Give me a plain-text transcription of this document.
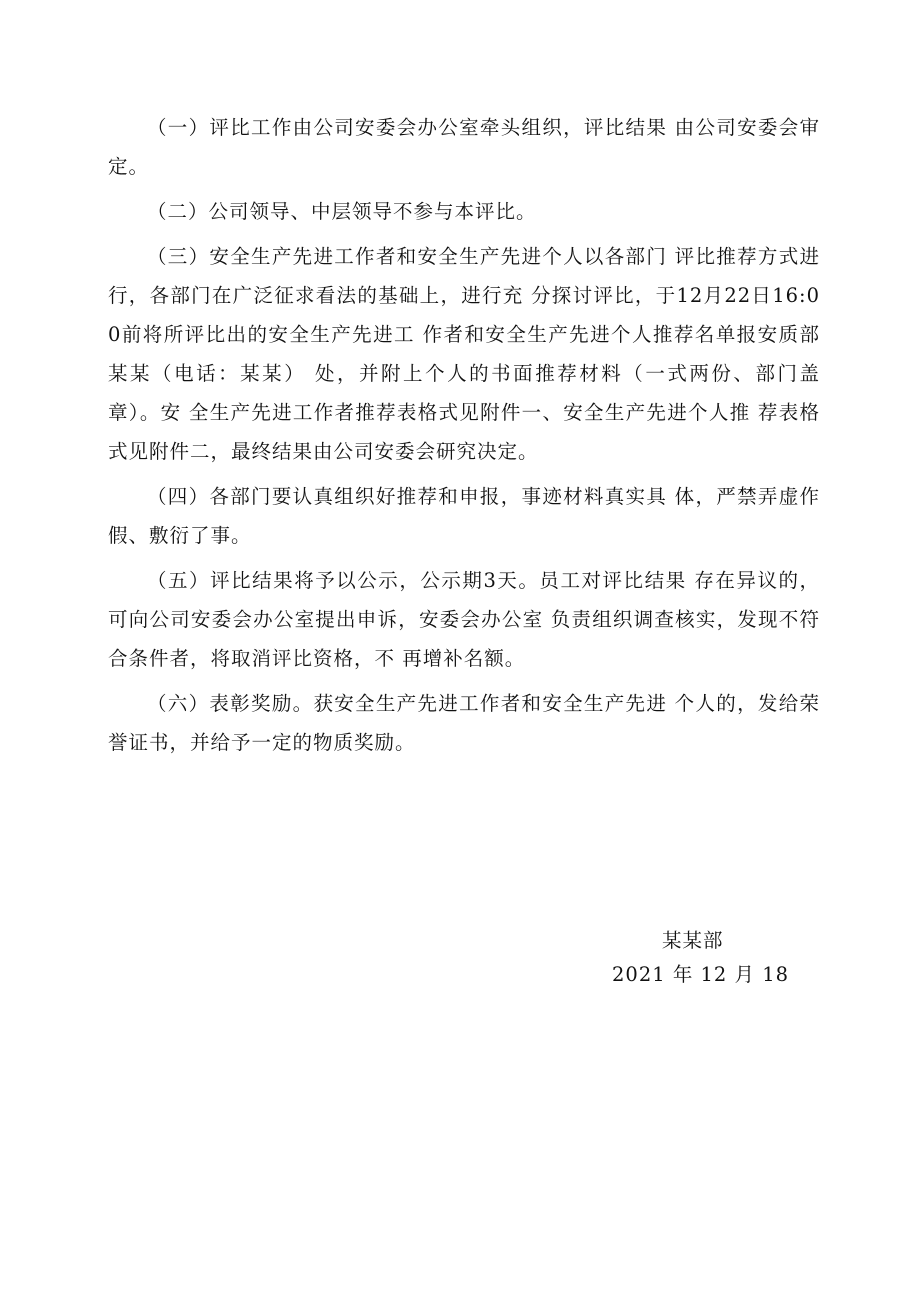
（一）评比工作由公司安委会办公室牵头组织，评比结果 由公司安委会审定。

（二）公司领导、中层领导不参与本评比。

（三）安全生产先进工作者和安全生产先进个人以各部门 评比推荐方式进行，各部门在广泛征求看法的基础上，进行充 分探讨评比，于12月22日16:00前将所评比出的安全生产先进工 作者和安全生产先进个人推荐名单报安质部某某（电话：某某） 处，并附上个人的书面推荐材料（一式两份、部门盖章）。安 全生产先进工作者推荐表格式见附件一、安全生产先进个人推 荐表格式见附件二，最终结果由公司安委会研究决定。

（四）各部门要认真组织好推荐和申报，事迹材料真实具 体，严禁弄虚作假、敷衍了事。

（五）评比结果将予以公示，公示期3天。员工对评比结果 存在异议的，可向公司安委会办公室提出申诉，安委会办公室 负责组织调查核实，发现不符合条件者，将取消评比资格，不 再增补名额。

（六）表彰奖励。获安全生产先进工作者和安全生产先进 个人的，发给荣誉证书，并给予一定的物质奖励。

某某部
2021 年 12 月 18
